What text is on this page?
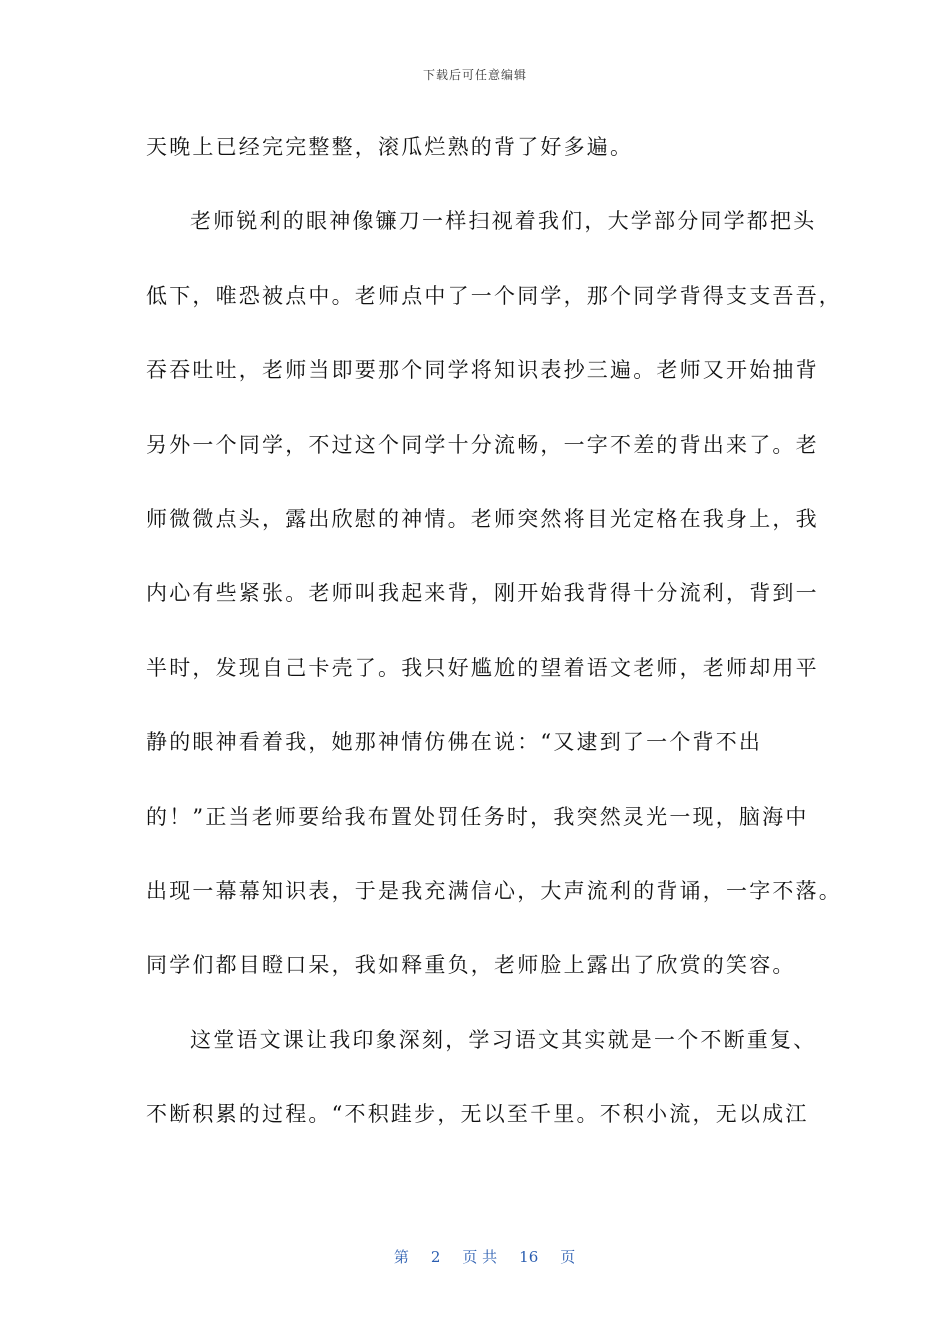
下载后可任意编辑
天晚上已经完完整整，滚瓜烂熟的背了好多遍。
老师锐利的眼神像镰刀一样扫视着我们，大学部分同学都把头
低下，唯恐被点中。老师点中了一个同学，那个同学背得支支吾吾，
吞吞吐吐，老师当即要那个同学将知识表抄三遍。老师又开始抽背
另外一个同学，不过这个同学十分流畅，一字不差的背出来了。老
师微微点头，露出欣慰的神情。老师突然将目光定格在我身上，我
内心有些紧张。老师叫我起来背，刚开始我背得十分流利，背到一
半时，发现自己卡壳了。我只好尴尬的望着语文老师，老师却用平
静的眼神看着我，她那神情仿佛在说：“又逮到了一个背不出
的！”正当老师要给我布置处罚任务时，我突然灵光一现，脑海中
出现一幕幕知识表，于是我充满信心，大声流利的背诵，一字不落。
同学们都目瞪口呆，我如释重负，老师脸上露出了欣赏的笑容。
这堂语文课让我印象深刻，学习语文其实就是一个不断重复、
不断积累的过程。“不积跬步，无以至千里。不积小流，无以成江

第 2 页 共 16 页
